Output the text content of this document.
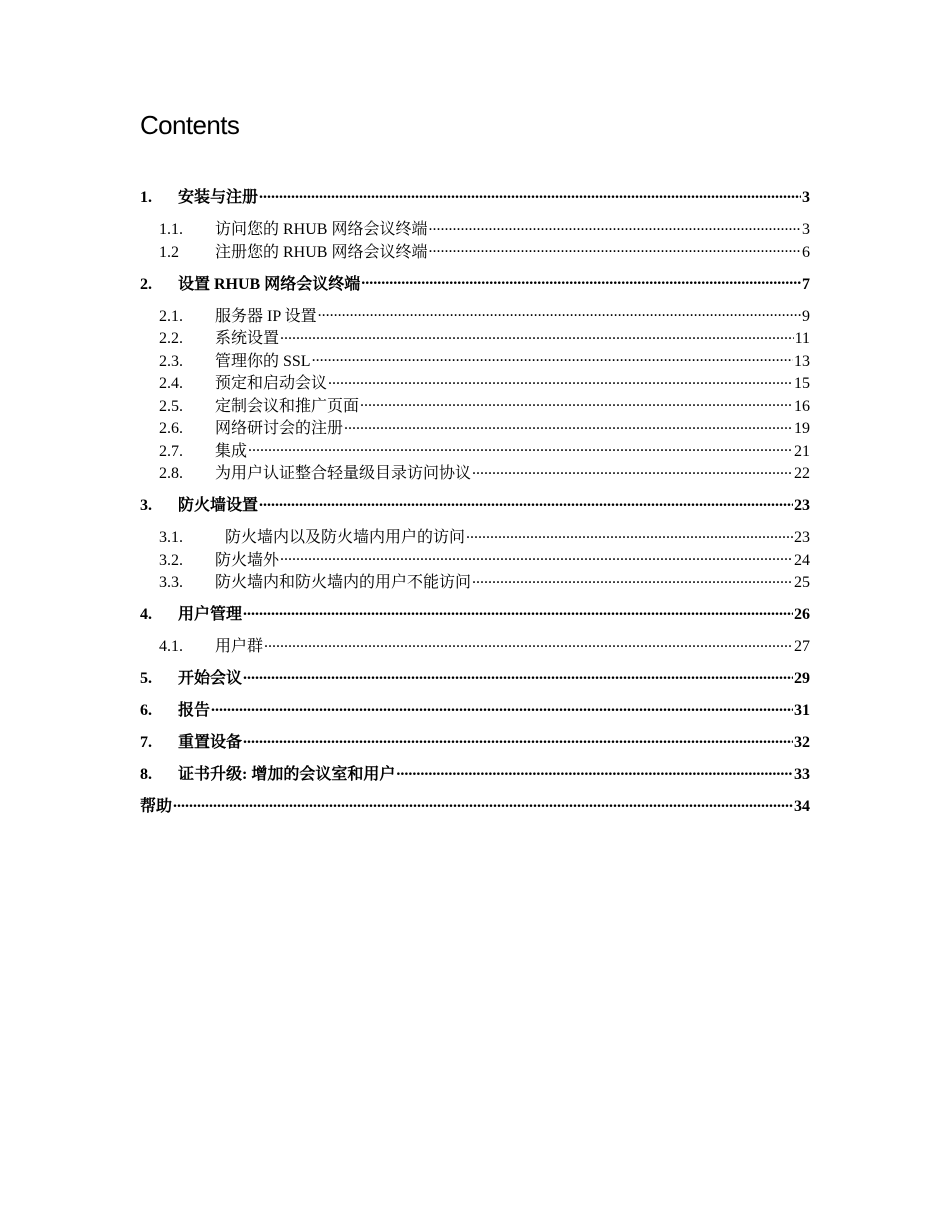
Contents
1.	安装与注册 .....	3
1.1.	访问您的 RHUB 网络会议终端 .....	3
1.2	注册您的 RHUB 网络会议终端 .....	6
2.	设置 RHUB 网络会议终端 .....	7
2.1.	服务器 IP 设置 .....	9
2.2.	系统设置 .....	11
2.3.	管理你的 SSL .....	13
2.4.	预定和启动会议 .....	15
2.5.	定制会议和推广页面 .....	16
2.6.	网络研讨会的注册 .....	19
2.7.	集成 .....	21
2.8.	为用户认证整合轻量级目录访问协议 .....	22
3.	防火墙设置 .....	23
3.1.	防火墙内以及防火墙内用户的访问 .....	23
3.2.	防火墙外 .....	24
3.3.	防火墙内和防火墙内的用户不能访问 .....	25
4.	用户管理 .....	26
4.1.	用户群 .....	27
5.	开始会议 .....	29
6.	报告 .....	31
7.	重置设备 .....	32
8.	证书升级: 增加的会议室和用户 .....	33
帮助 .....	34
